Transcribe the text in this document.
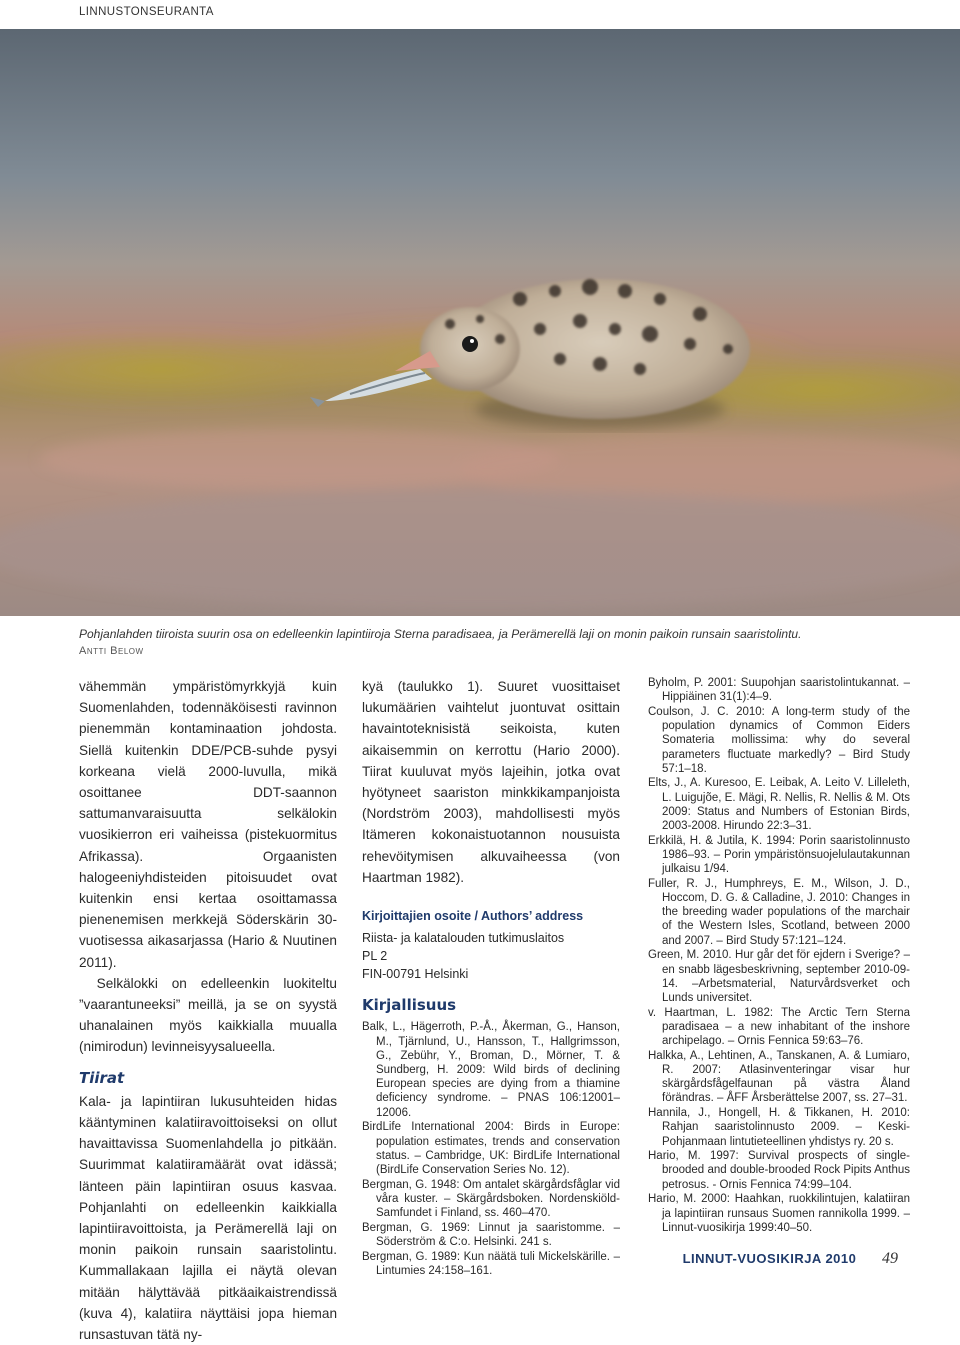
LINNUSTONSEURANTA
Pohjanlahden tiiroista suurin osa on edelleenkin lapintiiroja Sterna paradisaea, ja Perämerellä laji on monin paikoin runsain saaristolintu.
Antti Below

vähemmän ympäristömyrkkyjä kuin Suomenlahden, todennäköisesti ravinnon pienemmän kontaminaation johdosta. Siellä kuitenkin DDE/PCB-suhde pysyi korkeana vielä 2000-luvulla, mikä osoittanee DDT-saannon sattumanvaraisuutta selkälokin vuosikierron eri vaiheissa (pistekuormitus Afrikassa). Orgaanisten halogeeniyhdisteiden pitoisuudet ovat kuitenkin ensi kertaa osoittamassa pienenemisen merkkejä Söderskärin 30-vuotisessa aikasarjassa (Hario & Nuutinen 2011).

Selkälokki on edelleenkin luokiteltu ”vaarantuneeksi” meillä, ja se on syystä uhanalainen myös kaikkialla muualla (nimirodun) levinneisyysalueella.

Tiirat

Kala- ja lapintiiran lukusuhteiden hidas kääntyminen kalatiiravoittoiseksi on ollut havaittavissa Suomenlahdella jo pitkään. Suurimmat kalatiiramäärät ovat idässä; länteen päin lapintiiran osuus kasvaa. Pohjanlahti on edelleenkin kaikkialla lapintiiravoittoista, ja Perämerellä laji on monin paikoin runsain saaristolintu. Kummallakaan lajilla ei näytä olevan mitään hälyttävää pitkäaikaistrendissä (kuva 4), kalatiira näyttäisi jopa hieman runsastuvan tätä ny-

kyä (taulukko 1). Suuret vuosittaiset lukumäärien vaihtelut juontuvat osittain havaintoteknisistä seikoista, kuten aikaisemmin on kerrottu (Hario 2000). Tiirat kuuluvat myös lajeihin, jotka ovat hyötyneet saariston minkkikampanjoista (Nordström 2003), mahdollisesti myös Itämeren kokonaistuotannon nousuista rehevöitymisen alkuvaiheessa (von Haartman 1982).

Kirjoittajien osoite / Authors’ address

Riista- ja kalatalouden tutkimuslaitos

PL 2

FIN-00791 Helsinki

Kirjallisuus

Balk, L., Hägerroth, P.-Å., Åkerman, G., Hanson, M., Tjärnlund, U., Hansson, T., Hallgrimsson, G., Zebühr, Y., Broman, D., Mörner, T. & Sundberg, H. 2009: Wild birds of declining European species are dying from a thiamine deficiency syndrome. – PNAS 106:12001–12006.

BirdLife International 2004: Birds in Europe: population estimates, trends and conservation status. – Cambridge, UK: BirdLife International (BirdLife Conservation Series No. 12).

Bergman, G. 1948: Om antalet skärgårdsfåglar vid våra kuster. – Skärgårdsboken. Nordenskiöld-Samfundet i Finland, ss. 460–470.

Bergman, G. 1969: Linnut ja saaristomme. – Söderström & C:o. Helsinki. 241 s.

Bergman, G. 1989: Kun näätä tuli Mickelskärille. – Lintumies 24:158–161.

Byholm, P. 2001: Suupohjan saaristolintukannat. – Hippiäinen 31(1):4–9.

Coulson, J. C. 2010: A long-term study of the population dynamics of Common Eiders Somateria mollissima: why do several parameters fluctuate markedly? – Bird Study 57:1–18.

Elts, J., A. Kuresoo, E. Leibak, A. Leito V. Lilleleth, L. Luigujõe, E. Mägi, R. Nellis, R. Nellis & M. Ots 2009: Status and Numbers of Estonian Birds, 2003-2008. Hirundo 22:3–31.

Erkkilä, H. & Jutila, K. 1994: Porin saaristolinnusto 1986–93. – Porin ympäristönsuojelulautakunnan julkaisu 1/94.

Fuller, R. J., Humphreys, E. M., Wilson, J. D., Hoccom, D. G. & Calladine, J. 2010: Changes in the breeding wader populations of the marchair of the Western Isles, Scotland, between 2000 and 2007. – Bird Study 57:121–124.

Green, M. 2010. Hur går det för ejdern i Sverige? – en snabb lägesbeskrivning, september 2010-09-14. –Arbetsmaterial, Naturvårdsverket och Lunds universitet.

v. Haartman, L. 1982: The Arctic Tern Sterna paradisaea – a new inhabitant of the inshore archipelago. – Ornis Fennica 59:63–76.

Halkka, A., Lehtinen, A., Tanskanen, A. & Lumiaro, R. 2007: Atlasinventeringar visar hur skärgårdsfågelfaunan på västra Åland förändras. – ÅFF Årsberättelse 2007, ss. 27–31.

Hannila, J., Hongell, H. & Tikkanen, H. 2010: Rahjan saaristolinnusto 2009. – Keski-Pohjanmaan lintutieteellinen yhdistys ry. 20 s.

Hario, M. 1997: Survival prospects of single-brooded and double-brooded Rock Pipits Anthus petrosus. - Ornis Fennica 74:99–104.

Hario, M. 2000: Haahkan, ruokkilintujen, kalatiiran ja lapintiiran runsaus Suomen rannikolla 1999. – Linnut-vuosikirja 1999:40–50.

LINNUT-VUOSIKIRJA 2010 49
